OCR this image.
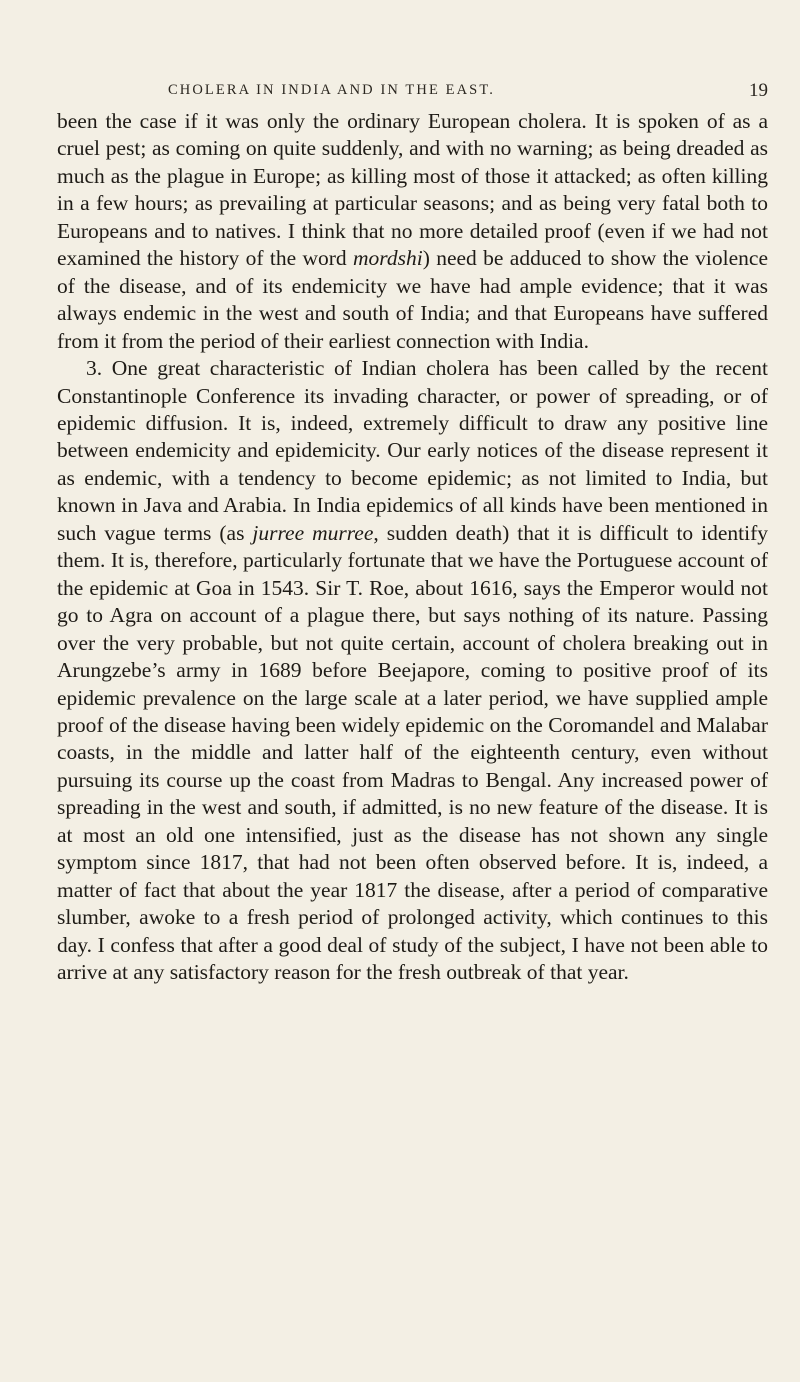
CHOLERA IN INDIA AND IN THE EAST.	19

been the case if it was only the ordinary European cholera. It is spoken of as a cruel pest; as coming on quite suddenly, and with no warning; as being dreaded as much as the plague in Europe; as killing most of those it attacked; as often killing in a few hours; as prevailing at particular seasons; and as being very fatal both to Europeans and to natives. I think that no more detailed proof (even if we had not examined the history of the word mordshi) need be adduced to show the violence of the disease, and of its endemicity we have had ample evidence; that it was always endemic in the west and south of India; and that Europeans have suffered from it from the period of their earliest connection with India.

3. One great characteristic of Indian cholera has been called by the recent Constantinople Conference its invading character, or power of spreading, or of epidemic diffusion. It is, indeed, extremely difficult to draw any positive line between endemicity and epidemicity. Our early notices of the disease represent it as endemic, with a tendency to become epidemic; as not limited to India, but known in Java and Arabia. In India epidemics of all kinds have been mentioned in such vague terms (as jurree murree, sudden death) that it is difficult to identify them. It is, therefore, particularly fortunate that we have the Portuguese account of the epidemic at Goa in 1543. Sir T. Roe, about 1616, says the Emperor would not go to Agra on account of a plague there, but says nothing of its nature. Passing over the very probable, but not quite certain, account of cholera breaking out in Arungzebe’s army in 1689 before Beejapore, coming to positive proof of its epidemic prevalence on the large scale at a later period, we have supplied ample proof of the disease having been widely epidemic on the Coromandel and Malabar coasts, in the middle and latter half of the eighteenth century, even without pursuing its course up the coast from Madras to Bengal. Any increased power of spreading in the west and south, if admitted, is no new feature of the disease. It is at most an old one intensified, just as the disease has not shown any single symptom since 1817, that had not been often observed before. It is, indeed, a matter of fact that about the year 1817 the disease, after a period of comparative slumber, awoke to a fresh period of prolonged activity, which continues to this day. I confess that after a good deal of study of the subject, I have not been able to arrive at any satisfactory reason for the fresh outbreak of that year.
